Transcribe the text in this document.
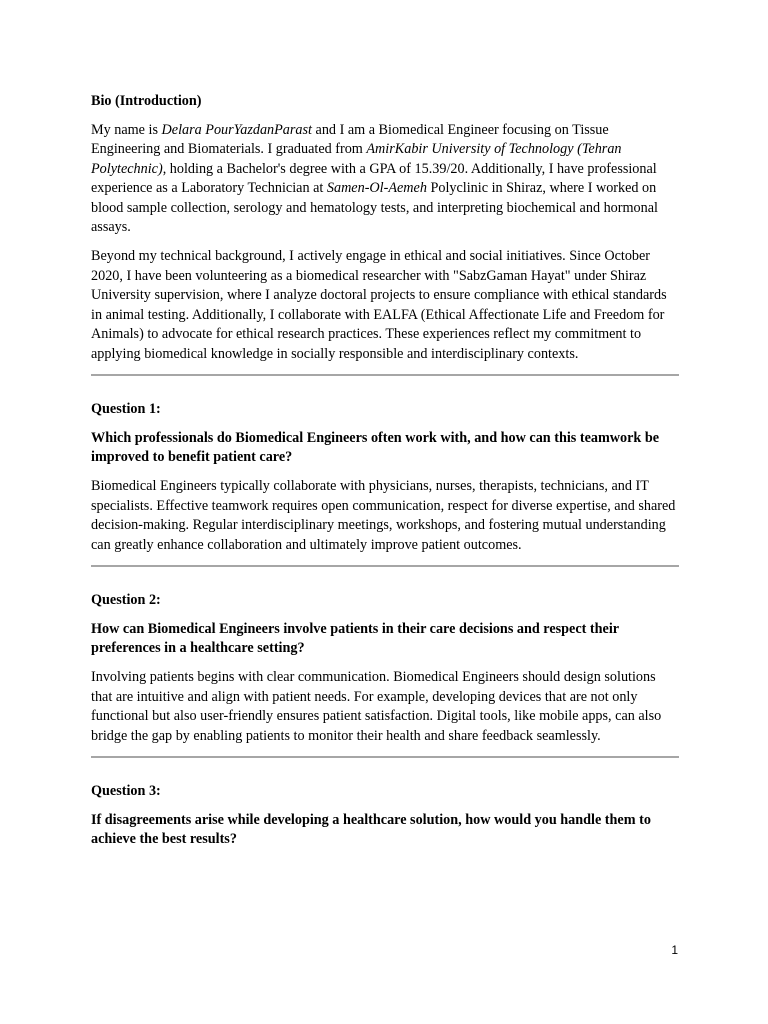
Bio (Introduction)

My name is Delara PourYazdanParast and I am a Biomedical Engineer focusing on Tissue Engineering and Biomaterials. I graduated from AmirKabir University of Technology (Tehran Polytechnic), holding a Bachelor's degree with a GPA of 15.39/20. Additionally, I have professional experience as a Laboratory Technician at Samen-Ol-Aemeh Polyclinic in Shiraz, where I worked on blood sample collection, serology and hematology tests, and interpreting biochemical and hormonal assays.

Beyond my technical background, I actively engage in ethical and social initiatives. Since October 2020, I have been volunteering as a biomedical researcher with "SabzGaman Hayat" under Shiraz University supervision, where I analyze doctoral projects to ensure compliance with ethical standards in animal testing. Additionally, I collaborate with EALFA (Ethical Affectionate Life and Freedom for Animals) to advocate for ethical research practices. These experiences reflect my commitment to applying biomedical knowledge in socially responsible and interdisciplinary contexts.

Question 1:

Which professionals do Biomedical Engineers often work with, and how can this teamwork be improved to benefit patient care?

Biomedical Engineers typically collaborate with physicians, nurses, therapists, technicians, and IT specialists. Effective teamwork requires open communication, respect for diverse expertise, and shared decision-making. Regular interdisciplinary meetings, workshops, and fostering mutual understanding can greatly enhance collaboration and ultimately improve patient outcomes.

Question 2:

How can Biomedical Engineers involve patients in their care decisions and respect their preferences in a healthcare setting?

Involving patients begins with clear communication. Biomedical Engineers should design solutions that are intuitive and align with patient needs. For example, developing devices that are not only functional but also user-friendly ensures patient satisfaction. Digital tools, like mobile apps, can also bridge the gap by enabling patients to monitor their health and share feedback seamlessly.

Question 3:

If disagreements arise while developing a healthcare solution, how would you handle them to achieve the best results?

1
